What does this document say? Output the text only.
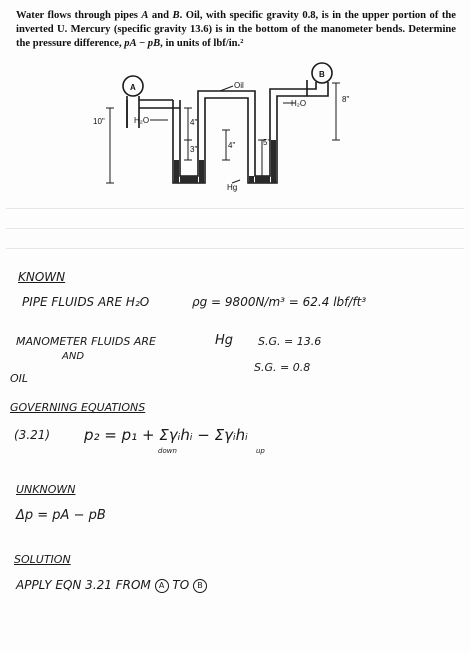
Water flows through pipes A and B. Oil, with specific gravity 0.8, is in the upper portion of the inverted U. Mercury (specific gravity 13.6) is in the bottom of the manometer bends. Determine the pressure difference, pA − pB, in units of lbf/in.²
A
B
Oil
H₂O
H₂O
Hg
10"	4"
3"	4"	5"
8"
KNOWN
PIPE FLUIDS ARE H₂O	ρg = 9800N/m³ = 62.4 lbf/ft³
MANOMETER FLUIDS ARE	Hg S.G. = 13.6
AND
S.G. = 0.8
OIL
GOVERNING EQUATIONS
(3.21) p₂ = p₁ + Σγᵢhᵢ − Σγᵢhᵢ
down	up
UNKNOWN
Δp = pA − pB
SOLUTION
APPLY EQN 3.21 FROM A TO B
